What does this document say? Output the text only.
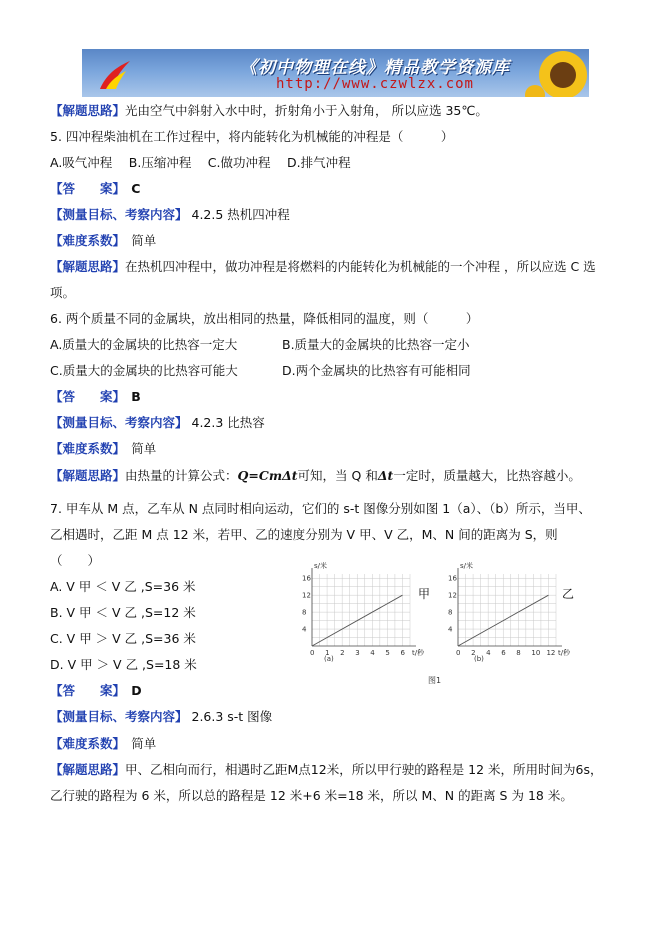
《初中物理在线》精品教学资源库
http://www.czwlzx.com
【解题思路】光由空气中斜射入水中时，折射角小于入射角， 所以应选 35℃。
5. 四冲程柴油机在工作过程中，将内能转化为机械能的冲程是（　　　）
A.吸气冲程　 B.压缩冲程　 C.做功冲程　 D.排气冲程
【答　　案】　 C
【测量目标、考察内容】 4.2.5 热机四冲程
【难度系数】　 简单
【解题思路】在热机四冲程中，做功冲程是将燃料的内能转化为机械能的一个冲程 ，所以应选 C 选
项。
6. 两个质量不同的金属块，放出相同的热量，降低相同的温度，则（　　　）
A.质量大的金属块的比热容一定大	B.质量大的金属块的比热容一定小
C.质量大的金属块的比热容可能大	D.两个金属块的比热容有可能相同
【答　　案】　 B
【测量目标、考察内容】 4.2.3 比热容
【难度系数】　 简单
【解题思路】由热量的计算公式：Q=CmΔt可知，当 Q 和Δt一定时，质量越大，比热容越小。
7. 甲车从 M 点，乙车从 N 点同时相向运动，它们的 s-t 图像分别如图 1（a）、（b）所示，当甲、
乙相遇时，乙距 M 点 12 米，若甲、乙的速度分别为 V 甲、V 乙，M、N 间的距离为 S，则
（　　）
A. V 甲 ＜ V 乙 ,S=36 米
B. V 甲 ＜ V 乙 ,S=12 米
C. V 甲 ＞ V 乙 ,S=36 米
D. V 甲 ＞ V 乙 ,S=18 米
【答　　案】　 D
【测量目标、考察内容】 2.6.3 s-t 图像
【难度系数】　 简单
【解题思路】甲、乙相向而行，相遇时乙距M点12米，所以甲行驶的路程是 12 米，所用时间为6s，
乙行驶的路程为 6 米，所以总的路程是 12 米+6 米=18 米，所以 M、N 的距离 S 为 18 米。
s/米
t/秒
0 1 2 3 4 5 6
4
8
12
16
s/米
t/秒
0 2 4 6 8 10 12
4
8
12
16
甲	乙
(a)	(b)
图1
